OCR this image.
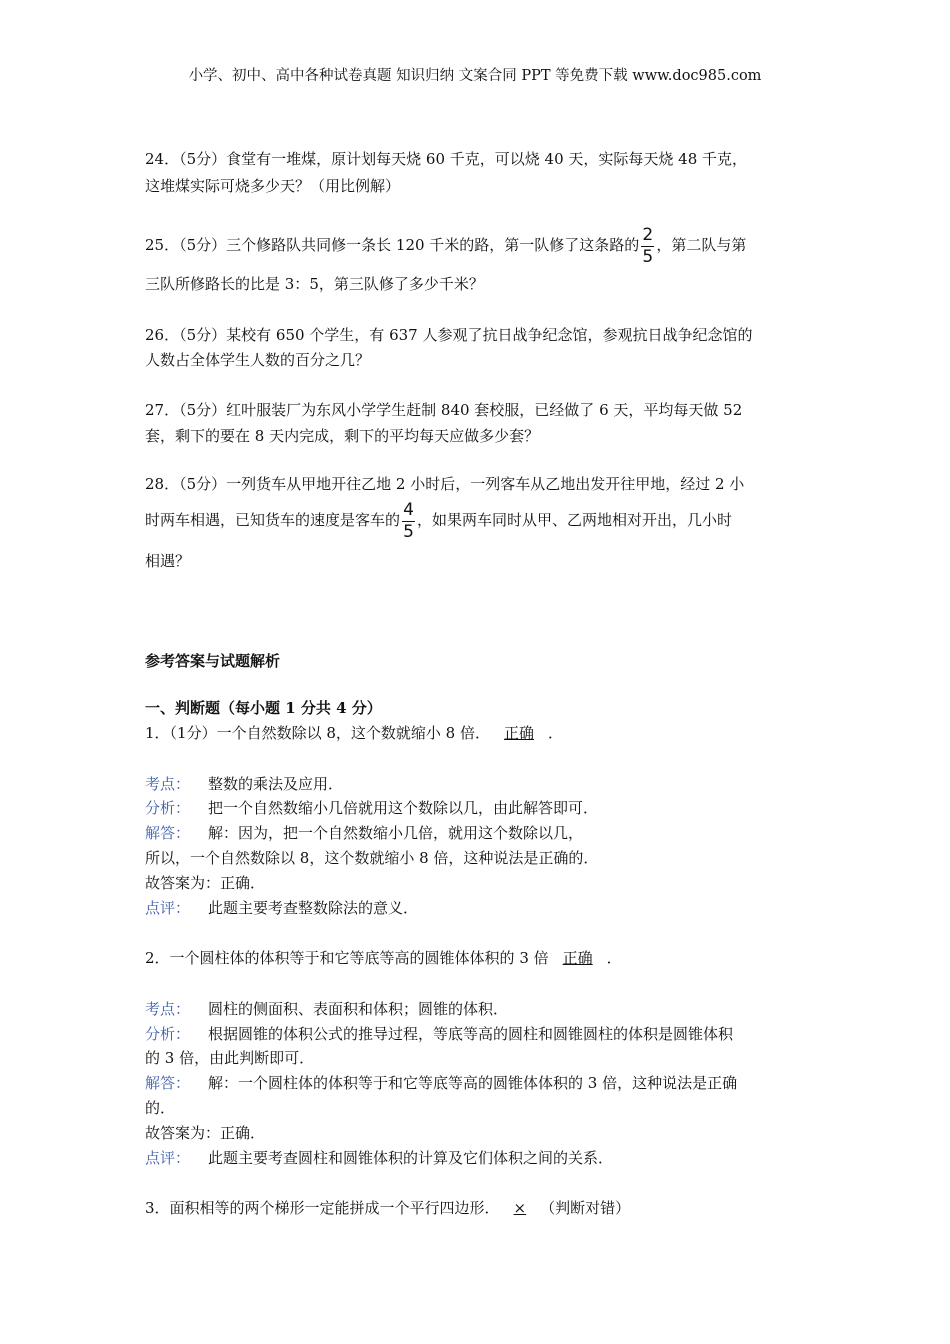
小学、初中、高中各种试卷真题 知识归纳 文案合同 PPT 等免费下载 www.doc985.com
24．（5分）食堂有一堆煤，原计划每天烧 60 千克，可以烧 40 天，实际每天烧 48 千克，
这堆煤实际可烧多少天？（用比例解）
25．（5分）三个修路队共同修一条长 120 千米的路，第一队修了这条路的 $\frac{2}{5}$ ，第二队与第
三队所修路长的比是 3：5，第三队修了多少千米？
26．（5分）某校有 650 个学生，有 637 人参观了抗日战争纪念馆，参观抗日战争纪念馆的
人数占全体学生人数的百分之几？
27．（5分）红叶服装厂为东风小学学生赶制 840 套校服，已经做了 6 天，平均每天做 52
套，剩下的要在 8 天内完成，剩下的平均每天应做多少套？
28．（5分）一列货车从甲地开往乙地 2 小时后，一列客车从乙地出发开往甲地，经过 2 小
时两车相遇，已知货车的速度是客车的 $\frac{4}{5}$ ，如果两车同时从甲、乙两地相对开出，几小时
相遇？
参考答案与试题解析
一、判断题（每小题 1 分共 4 分）
1．（1分）一个自然数除以 8，这个数就缩小 8 倍． 正确 ．
考点： 整数的乘法及应用．
分析： 把一个自然数缩小几倍就用这个数除以几，由此解答即可．
解答： 解：因为，把一个自然数缩小几倍，就用这个数除以几，
所以，一个自然数除以 8，这个数就缩小 8 倍，这种说法是正确的．
故答案为：正确．
点评： 此题主要考查整数除法的意义．
2．一个圆柱体的体积等于和它等底等高的圆锥体体积的 3 倍 正确 ．
考点： 圆柱的侧面积、表面积和体积；圆锥的体积．
分析： 根据圆锥的体积公式的推导过程，等底等高的圆柱和圆锥圆柱的体积是圆锥体积
的 3 倍，由此判断即可．
解答： 解：一个圆柱体的体积等于和它等底等高的圆锥体体积的 3 倍，这种说法是正确
的．
故答案为：正确．
点评： 此题主要考查圆柱和圆锥体积的计算及它们体积之间的关系．
3．面积相等的两个梯形一定能拼成一个平行四边形． × （判断对错）
